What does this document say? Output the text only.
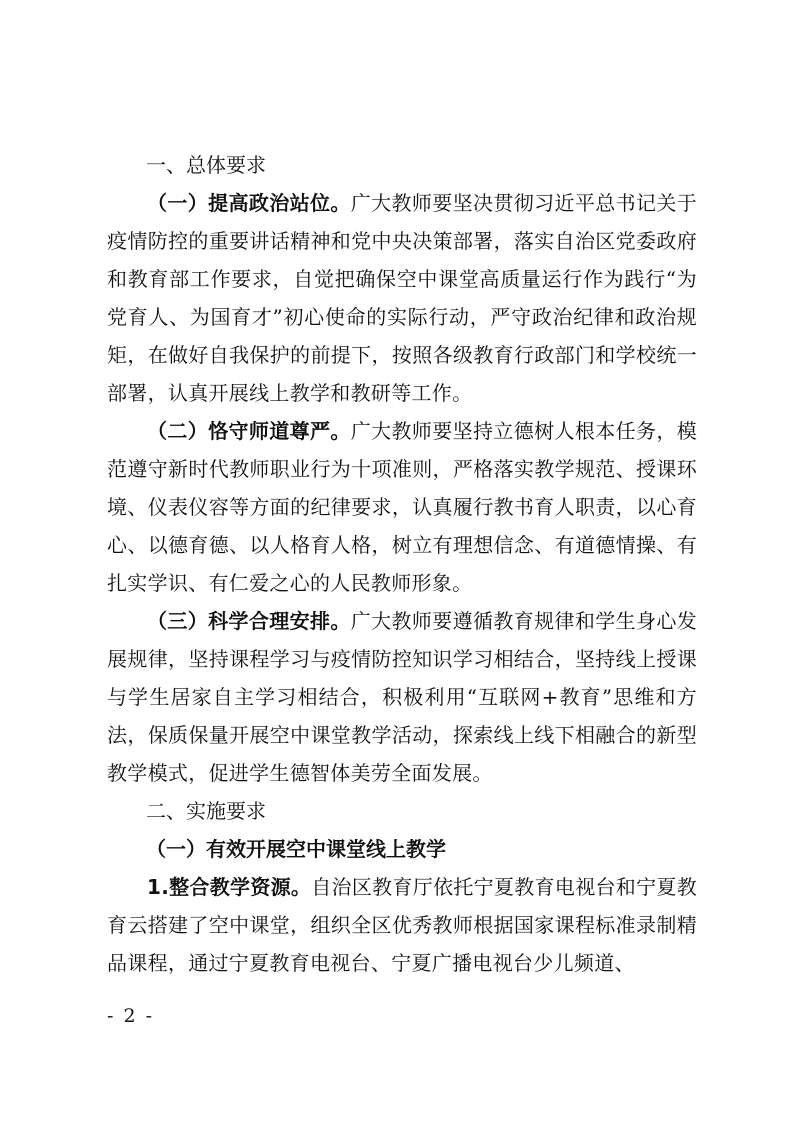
一、总体要求

（一）提高政治站位。广大教师要坚决贯彻习近平总书记关于疫情防控的重要讲话精神和党中央决策部署，落实自治区党委政府和教育部工作要求，自觉把确保空中课堂高质量运行作为践行“为党育人、为国育才”初心使命的实际行动，严守政治纪律和政治规矩，在做好自我保护的前提下，按照各级教育行政部门和学校统一部署，认真开展线上教学和教研等工作。

（二）恪守师道尊严。广大教师要坚持立德树人根本任务，模范遵守新时代教师职业行为十项准则，严格落实教学规范、授课环境、仪表仪容等方面的纪律要求，认真履行教书育人职责，以心育心、以德育德、以人格育人格，树立有理想信念、有道德情操、有扎实学识、有仁爱之心的人民教师形象。

（三）科学合理安排。广大教师要遵循教育规律和学生身心发展规律，坚持课程学习与疫情防控知识学习相结合，坚持线上授课与学生居家自主学习相结合，积极利用“互联网+教育”思维和方法，保质保量开展空中课堂教学活动，探索线上线下相融合的新型教学模式，促进学生德智体美劳全面发展。

二、实施要求
（一）有效开展空中课堂线上教学

1.整合教学资源。自治区教育厅依托宁夏教育电视台和宁夏教育云搭建了空中课堂，组织全区优秀教师根据国家课程标准录制精品课程，通过宁夏教育电视台、宁夏广播电视台少儿频道、

- 2 -
